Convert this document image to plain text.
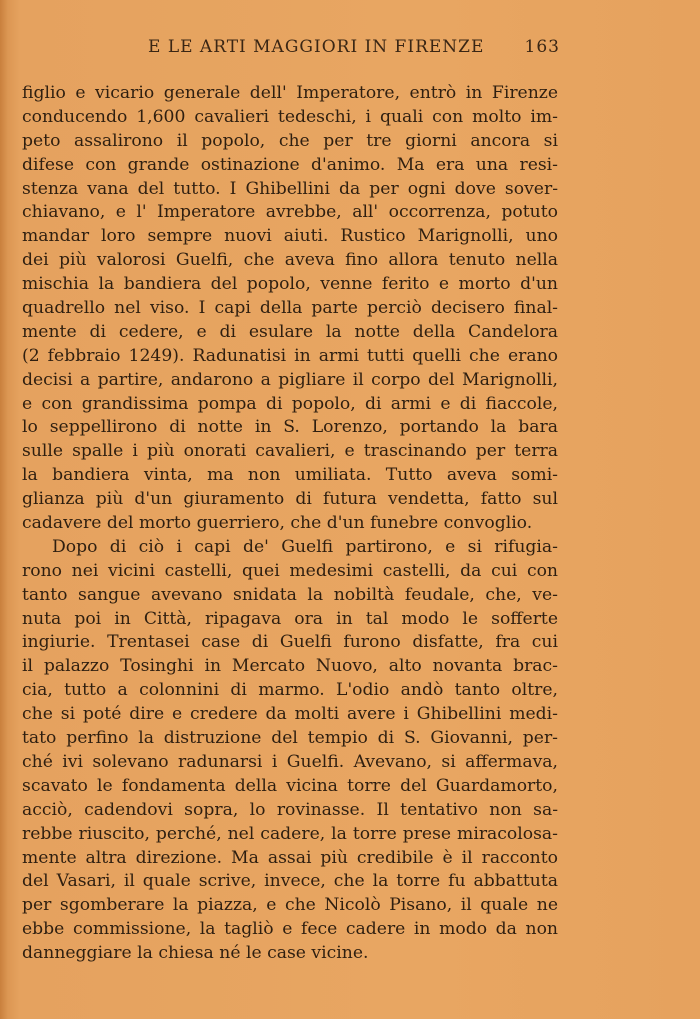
E LE ARTI MAGGIORI IN FIRENZE 163
figlio e vicario generale dell' Imperatore, entrò in Firenze
conducendo 1,600 cavalieri tedeschi, i quali con molto im-
peto assalirono il popolo, che per tre giorni ancora si
difese con grande ostinazione d'animo. Ma era una resi-
stenza vana del tutto. I Ghibellini da per ogni dove sover-
chiavano, e l' Imperatore avrebbe, all' occorrenza, potuto
mandar loro sempre nuovi aiuti. Rustico Marignolli, uno
dei più valorosi Guelfi, che aveva fino allora tenuto nella
mischia la bandiera del popolo, venne ferito e morto d'un
quadrello nel viso. I capi della parte perciò decisero final-
mente di cedere, e di esulare la notte della Candelora
(2 febbraio 1249). Radunatisi in armi tutti quelli che erano
decisi a partire, andarono a pigliare il corpo del Marignolli,
e con grandissima pompa di popolo, di armi e di fiaccole,
lo seppellirono di notte in S. Lorenzo, portando la bara
sulle spalle i più onorati cavalieri, e trascinando per terra
la bandiera vinta, ma non umiliata. Tutto aveva somi-
glianza più d'un giuramento di futura vendetta, fatto sul
cadavere del morto guerriero, che d'un funebre convoglio.
Dopo di ciò i capi de' Guelfi partirono, e si rifugia-
rono nei vicini castelli, quei medesimi castelli, da cui con
tanto sangue avevano snidata la nobiltà feudale, che, ve-
nuta poi in Città, ripagava ora in tal modo le sofferte
ingiurie. Trentasei case di Guelfi furono disfatte, fra cui
il palazzo Tosinghi in Mercato Nuovo, alto novanta brac-
cia, tutto a colonnini di marmo. L'odio andò tanto oltre,
che si poté dire e credere da molti avere i Ghibellini medi-
tato perfino la distruzione del tempio di S. Giovanni, per-
ché ivi solevano radunarsi i Guelfi. Avevano, si affermava,
scavato le fondamenta della vicina torre del Guardamorto,
acciò, cadendovi sopra, lo rovinasse. Il tentativo non sa-
rebbe riuscito, perché, nel cadere, la torre prese miracolosa-
mente altra direzione. Ma assai più credibile è il racconto
del Vasari, il quale scrive, invece, che la torre fu abbattuta
per sgomberare la piazza, e che Nicolò Pisano, il quale ne
ebbe commissione, la tagliò e fece cadere in modo da non
danneggiare la chiesa né le case vicine.
